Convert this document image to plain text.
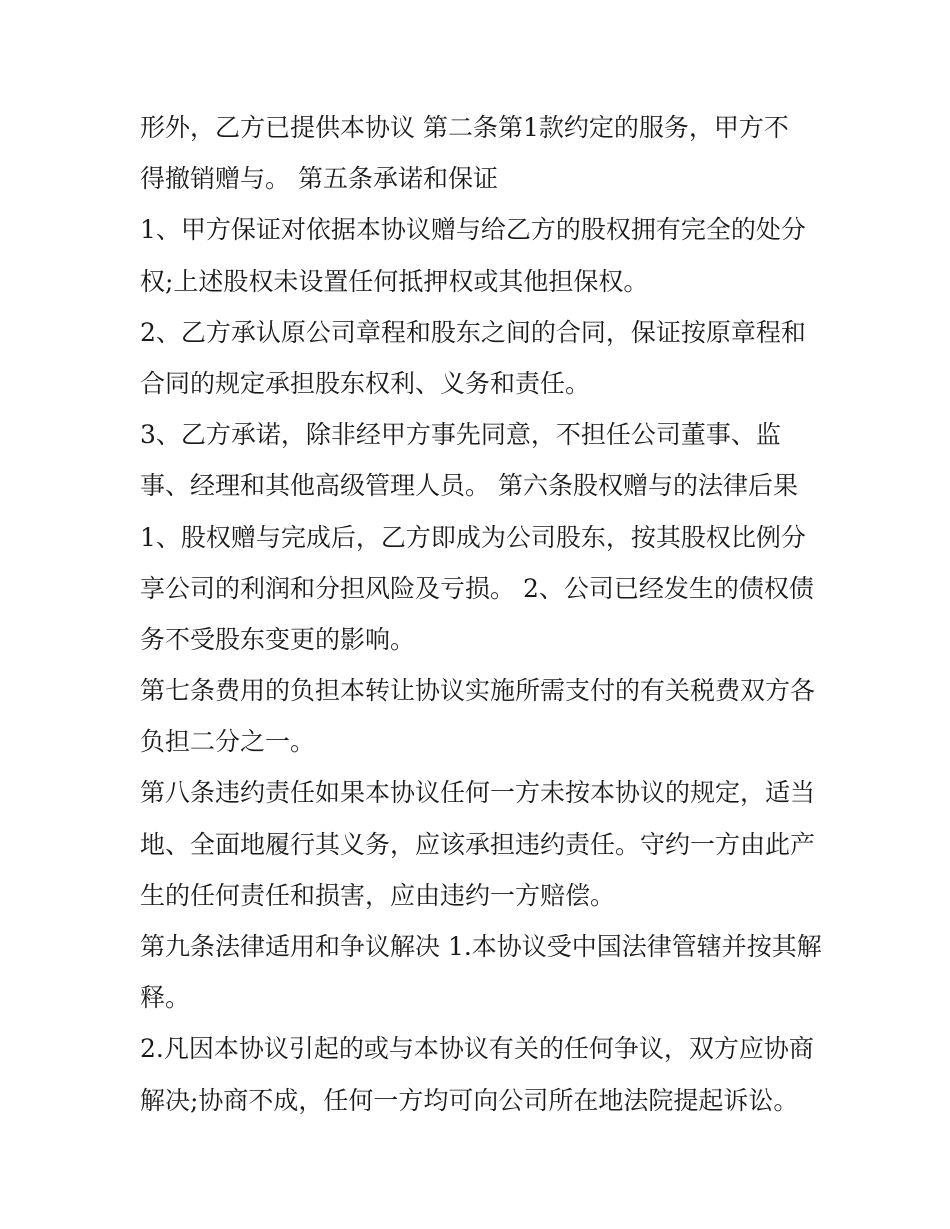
形外，乙方已提供本协议 第二条第1款约定的服务，甲方不
得撤销赠与。 第五条承诺和保证
1、甲方保证对依据本协议赠与给乙方的股权拥有完全的处分
权;上述股权未设置任何抵押权或其他担保权。
2、乙方承认原公司章程和股东之间的合同，保证按原章程和
合同的规定承担股东权利、义务和责任。
3、乙方承诺，除非经甲方事先同意，不担任公司董事、监
事、经理和其他高级管理人员。 第六条股权赠与的法律后果
1、股权赠与完成后，乙方即成为公司股东，按其股权比例分
享公司的利润和分担风险及亏损。 2、公司已经发生的债权债
务不受股东变更的影响。
第七条费用的负担本转让协议实施所需支付的有关税费双方各
负担二分之一。
第八条违约责任如果本协议任何一方未按本协议的规定，适当
地、全面地履行其义务，应该承担违约责任。守约一方由此产
生的任何责任和损害，应由违约一方赔偿。
第九条法律适用和争议解决 1.本协议受中国法律管辖并按其解
释。
2.凡因本协议引起的或与本协议有关的任何争议，双方应协商
解决;协商不成，任何一方均可向公司所在地法院提起诉讼。
